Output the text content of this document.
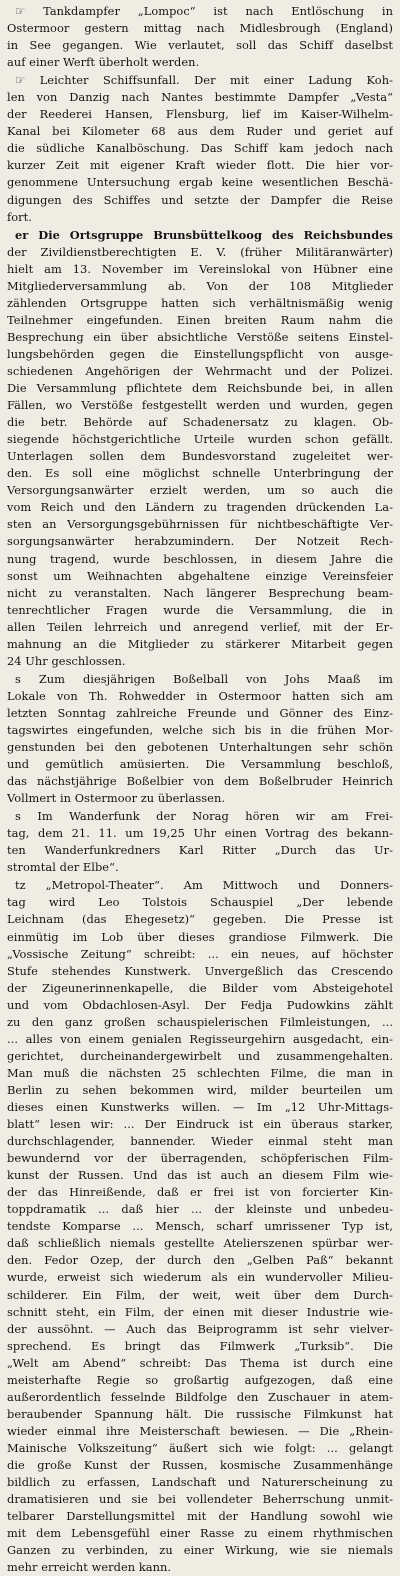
☞ Tankdampfer „Lompoc“ ist nach Entlöschung in
Ostermoor gestern mittag nach Midlesbrough (England)
in See gegangen. Wie verlautet, soll das Schiff daselbst
auf einer Werft überholt werden.
☞ Leichter Schiffsunfall. Der mit einer Ladung Koh-
len von Danzig nach Nantes bestimmte Dampfer „Vesta“
der Reederei Hansen, Flensburg, lief im Kaiser-Wilhelm-
Kanal bei Kilometer 68 aus dem Ruder und geriet auf
die südliche Kanalböschung. Das Schiff kam jedoch nach
kurzer Zeit mit eigener Kraft wieder flott. Die hier vor-
genommene Untersuchung ergab keine wesentlichen Beschä-
digungen des Schiffes und setzte der Dampfer die Reise
fort.
er Die Ortsgruppe Brunsbüttelkoog des Reichsbundes
der Zivildienstberechtigten E. V. (früher Militäranwärter)
hielt am 13. November im Vereinslokal von Hübner eine
Mitgliederversammlung ab. Von der 108 Mitglieder
zählenden Ortsgruppe hatten sich verhältnismäßig wenig
Teilnehmer eingefunden. Einen breiten Raum nahm die
Besprechung ein über absichtliche Verstöße seitens Einstel-
lungsbehörden gegen die Einstellungspflicht von ausge-
schiedenen Angehörigen der Wehrmacht und der Polizei.
Die Versammlung pflichtete dem Reichsbunde bei, in allen
Fällen, wo Verstöße festgestellt werden und wurden, gegen
die betr. Behörde auf Schadenersatz zu klagen. Ob-
siegende höchstgerichtliche Urteile wurden schon gefällt.
Unterlagen sollen dem Bundesvorstand zugeleitet wer-
den. Es soll eine möglichst schnelle Unterbringung der
Versorgungsanwärter erzielt werden, um so auch die
vom Reich und den Ländern zu tragenden drückenden La-
sten an Versorgungsgebührnissen für nichtbeschäftigte Ver-
sorgungsanwärter herabzumindern. Der Notzeit Rech-
nung tragend, wurde beschlossen, in diesem Jahre die
sonst um Weihnachten abgehaltene einzige Vereinsfeier
nicht zu veranstalten. Nach längerer Besprechung beam-
tenrechtlicher Fragen wurde die Versammlung, die in
allen Teilen lehrreich und anregend verlief, mit der Er-
mahnung an die Mitglieder zu stärkerer Mitarbeit gegen
24 Uhr geschlossen.
s Zum diesjährigen Boßelball von Johs Maaß im
Lokale von Th. Rohwedder in Ostermoor hatten sich am
letzten Sonntag zahlreiche Freunde und Gönner des Einz-
tagswirtes eingefunden, welche sich bis in die frühen Mor-
genstunden bei den gebotenen Unterhaltungen sehr schön
und gemütlich amüsierten. Die Versammlung beschloß,
das nächstjährige Boßelbier von dem Boßelbruder Heinrich
Vollmert in Ostermoor zu überlassen.
s Im Wanderfunk der Norag hören wir am Frei-
tag, dem 21. 11. um 19,25 Uhr einen Vortrag des bekann-
ten Wanderfunkredners Karl Ritter „Durch das Ur-
stromtal der Elbe“.
tz „Metropol-Theater“. Am Mittwoch und Donners-
tag wird Leo Tolstois Schauspiel „Der lebende
Leichnam (das Ehegesetz)“ gegeben. Die Presse ist
einmütig im Lob über dieses grandiose Filmwerk. Die
„Vossische Zeitung“ schreibt: ... ein neues, auf höchster
Stufe stehendes Kunstwerk. Unvergeßlich das Crescendo
der Zigeunerinnenkapelle, die Bilder vom Absteigehotel
und vom Obdachlosen-Asyl. Der Fedja Pudowkins zählt
zu den ganz großen schauspielerischen Filmleistungen, ...
... alles von einem genialen Regisseurgehirn ausgedacht, ein-
gerichtet, durcheinandergewirbelt und zusammengehalten.
Man muß die nächsten 25 schlechten Filme, die man in
Berlin zu sehen bekommen wird, milder beurteilen um
dieses einen Kunstwerks willen. — Im „12 Uhr-Mittags-
blatt“ lesen wir: ... Der Eindruck ist ein überaus starker,
durchschlagender, bannender. Wieder einmal steht man
bewundernd vor der überragenden, schöpferischen Film-
kunst der Russen. Und das ist auch an diesem Film wie-
der das Hinreißende, daß er frei ist von forcierter Kin-
toppdramatik ... daß hier ... der kleinste und unbedeu-
tendste Komparse ... Mensch, scharf umrissener Typ ist,
daß schließlich niemals gestellte Atelierszenen spürbar wer-
den. Fedor Ozep, der durch den „Gelben Paß“ bekannt
wurde, erweist sich wiederum als ein wundervoller Milieu-
schilderer. Ein Film, der weit, weit über dem Durch-
schnitt steht, ein Film, der einen mit dieser Industrie wie-
der aussöhnt. — Auch das Beiprogramm ist sehr vielver-
sprechend. Es bringt das Filmwerk „Turksib“. Die
„Welt am Abend“ schreibt: Das Thema ist durch eine
meisterhafte Regie so großartig aufgezogen, daß eine
außerordentlich fesselnde Bildfolge den Zuschauer in atem-
beraubender Spannung hält. Die russische Filmkunst hat
wieder einmal ihre Meisterschaft bewiesen. — Die „Rhein-
Mainische Volkszeitung“ äußert sich wie folgt: ... gelangt
die große Kunst der Russen, kosmische Zusammenhänge
bildlich zu erfassen, Landschaft und Naturerscheinung zu
dramatisieren und sie bei vollendeter Beherrschung unmit-
telbarer Darstellungsmittel mit der Handlung sowohl wie
mit dem Lebensgefühl einer Rasse zu einem rhythmischen
Ganzen zu verbinden, zu einer Wirkung, wie sie niemals
mehr erreicht werden kann.
